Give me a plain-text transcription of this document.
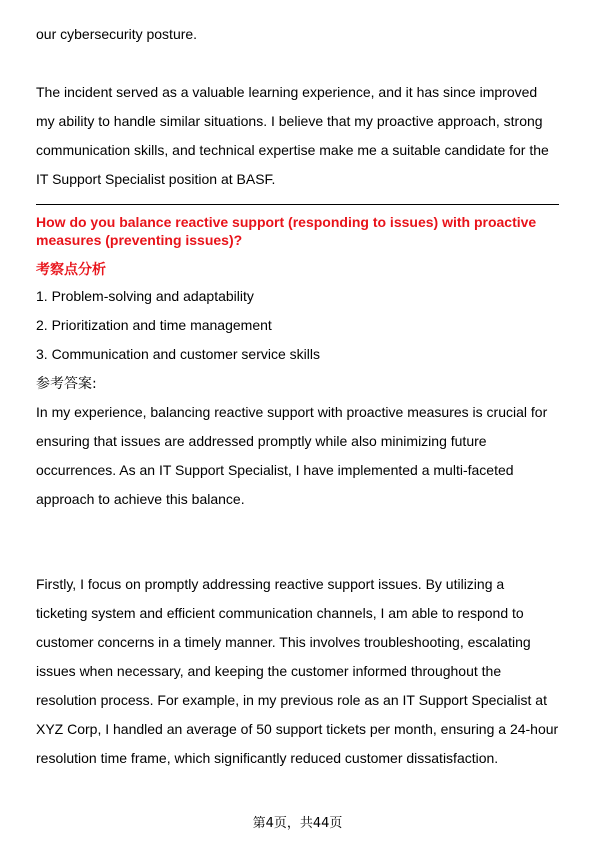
our cybersecurity posture.

The incident served as a valuable learning experience, and it has since improved my ability to handle similar situations. I believe that my proactive approach, strong communication skills, and technical expertise make me a suitable candidate for the IT Support Specialist position at BASF.

How do you balance reactive support (responding to issues) with proactive measures (preventing issues)?

考察点分析

1. Problem-solving and adaptability
2. Prioritization and time management
3. Communication and customer service skills

参考答案:

In my experience, balancing reactive support with proactive measures is crucial for ensuring that issues are addressed promptly while also minimizing future occurrences. As an IT Support Specialist, I have implemented a multi-faceted approach to achieve this balance.

Firstly, I focus on promptly addressing reactive support issues. By utilizing a ticketing system and efficient communication channels, I am able to respond to customer concerns in a timely manner. This involves troubleshooting, escalating issues when necessary, and keeping the customer informed throughout the resolution process. For example, in my previous role as an IT Support Specialist at XYZ Corp, I handled an average of 50 support tickets per month, ensuring a 24-hour resolution time frame, which significantly reduced customer dissatisfaction.

第4页，共44页
